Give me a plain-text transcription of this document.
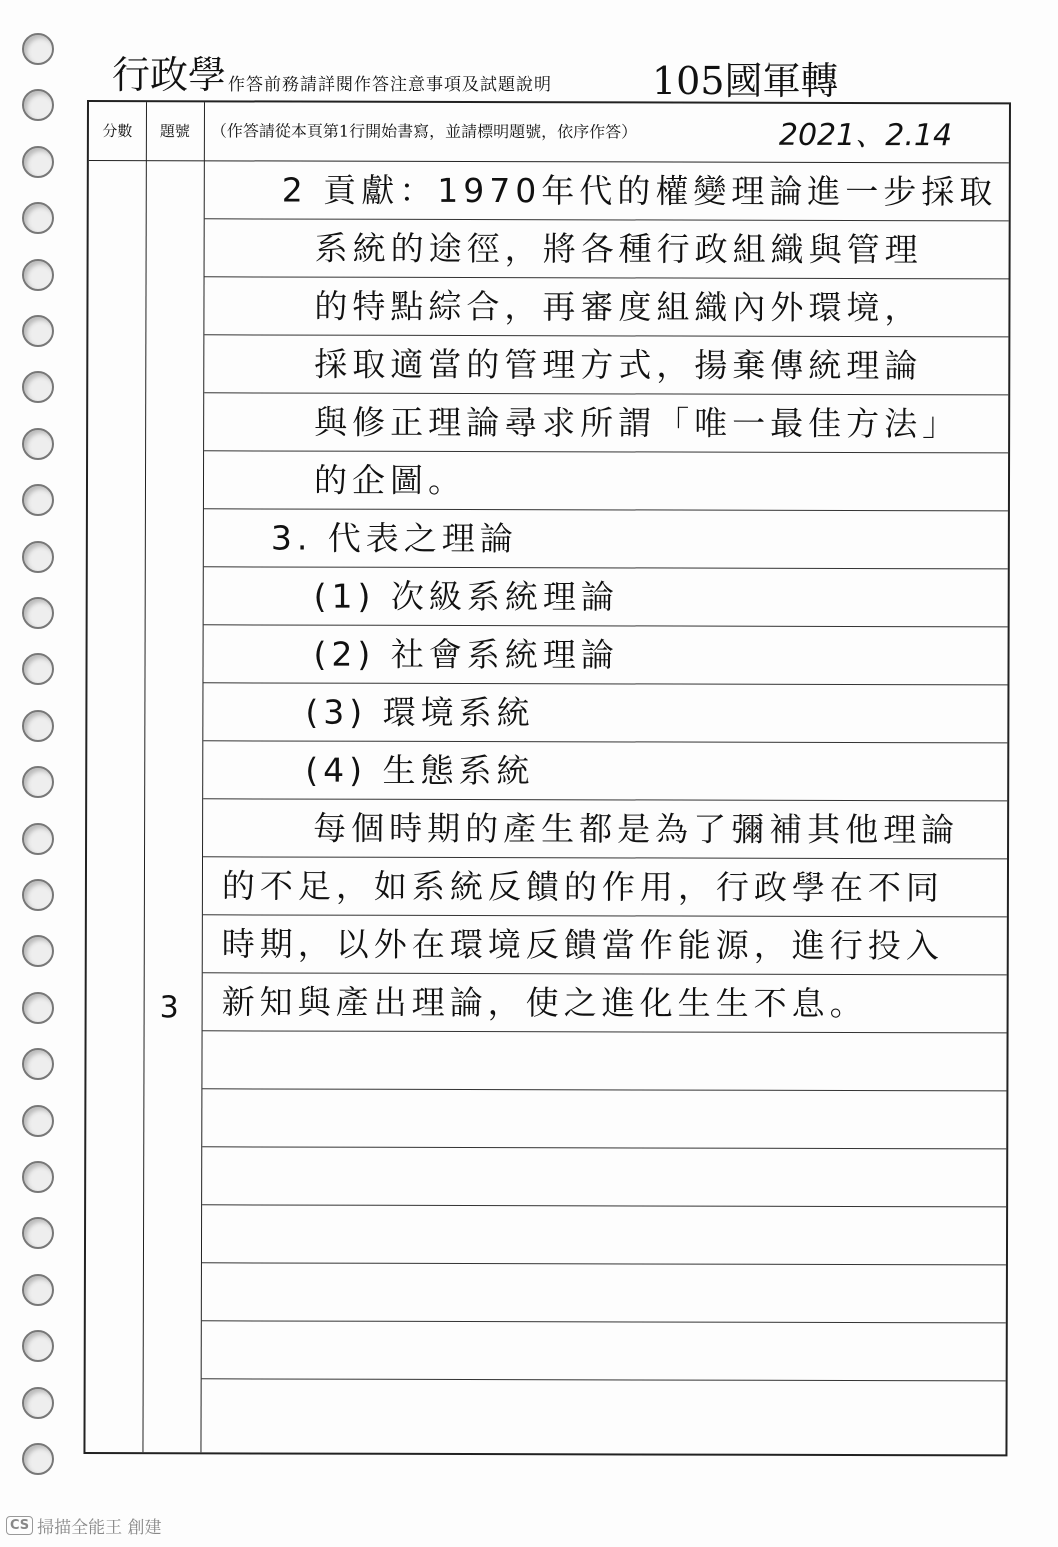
行政學 作答前務請詳閱作答注意事項及試題說明	105國軍轉
分數	題號	（作答請從本頁第1行開始書寫，並請標明題號，依序作答）	2021、2.14
2 貢獻：1970年代的權變理論進一步採取
系統的途徑，將各種行政組織與管理
的特點綜合，再審度組織內外環境，
採取適當的管理方式，揚棄傳統理論
與修正理論尋求所謂「唯一最佳方法」
的企圖。
3. 代表之理論
(1) 次級系統理論
(2) 社會系統理論
(3) 環境系統
(4) 生態系統
每個時期的產生都是為了彌補其他理論
的不足，如系統反饋的作用，行政學在不同
時期，以外在環境反饋當作能源，進行投入
新知與產出理論，使之進化生生不息。
3
CS 掃描全能王 創建
